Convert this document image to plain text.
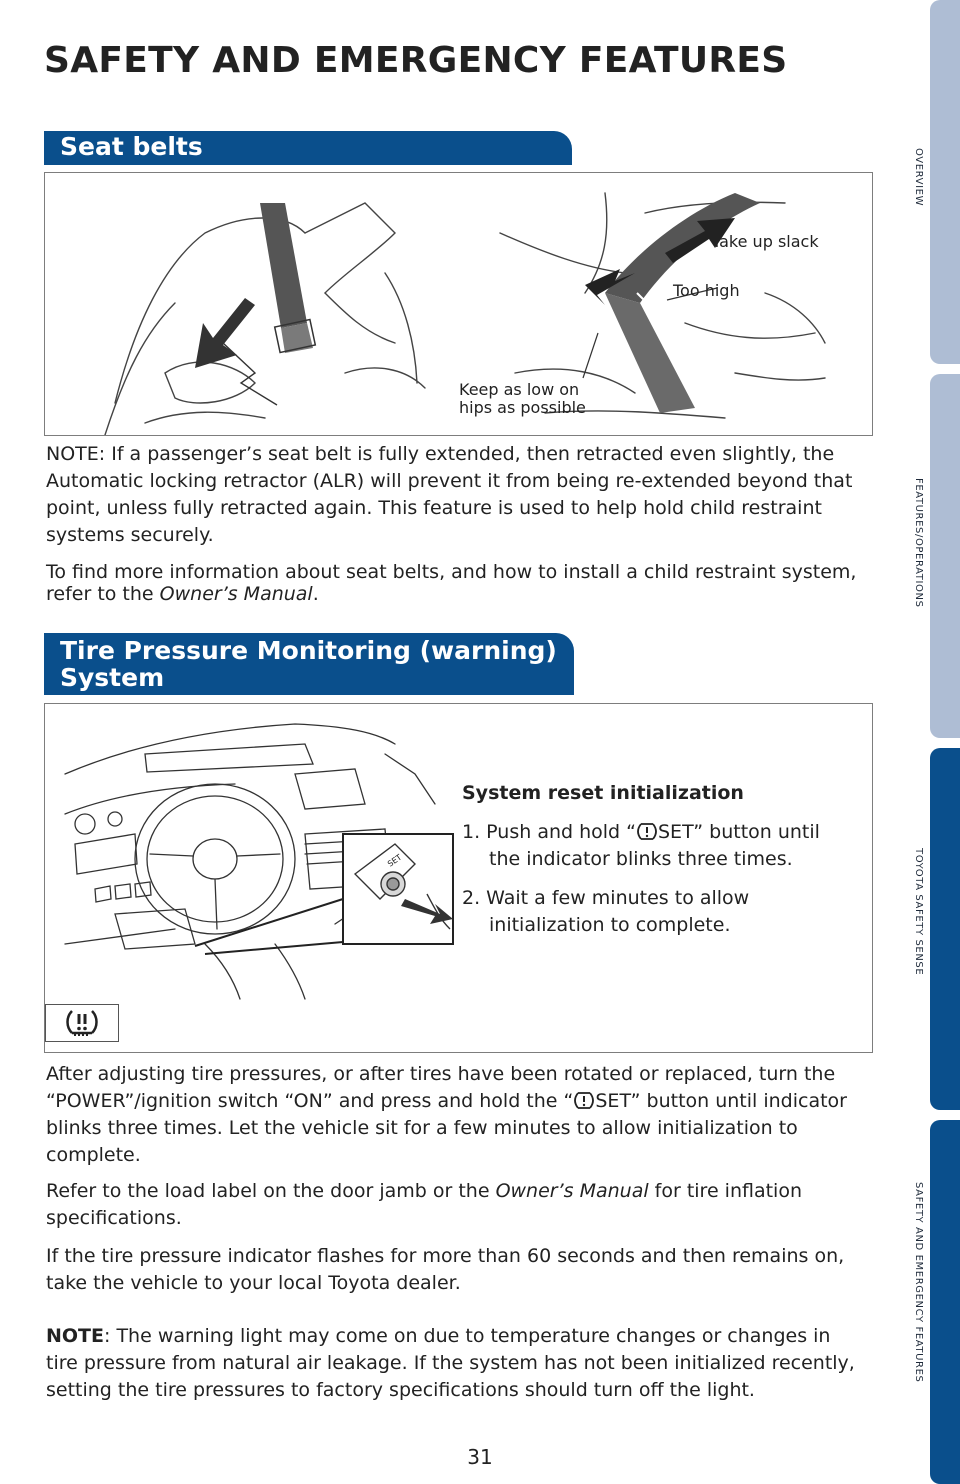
SAFETY AND EMERGENCY FEATURES
OVERVIEW
FEATURES/OPERATIONS
TOYOTA SAFETY SENSE
SAFETY AND EMERGENCY FEATURES
Seat belts
Take up slack
Too high
Keep as low on
hips as possible

NOTE: If a passenger’s seat belt is fully extended, then retracted even slightly, the Automatic locking retractor (ALR) will prevent it from being re-extended beyond that point, unless fully retracted again. This feature is used to help hold child restraint systems securely.

To find more information about seat belts, and how to install a child restraint system, refer to the Owner’s Manual.

Tire Pressure Monitoring (warning)
System
SET

System reset initialization

1. Push and hold “ SET” button until the indicator blinks three times.

2. Wait a few minutes to allow initialization to complete.

After adjusting tire pressures, or after tires have been rotated or replaced, turn the “POWER”/ignition switch “ON” and press and hold the “ SET” button until indicator blinks three times. Let the vehicle sit for a few minutes to allow initialization to complete.

Refer to the load label on the door jamb or the Owner’s Manual for tire inflation specifications.

If the tire pressure indicator flashes for more than 60 seconds and then remains on, take the vehicle to your local Toyota dealer.

NOTE: The warning light may come on due to temperature changes or changes in tire pressure from natural air leakage. If the system has not been initialized recently, setting the tire pressures to factory specifications should turn off the light.

31
